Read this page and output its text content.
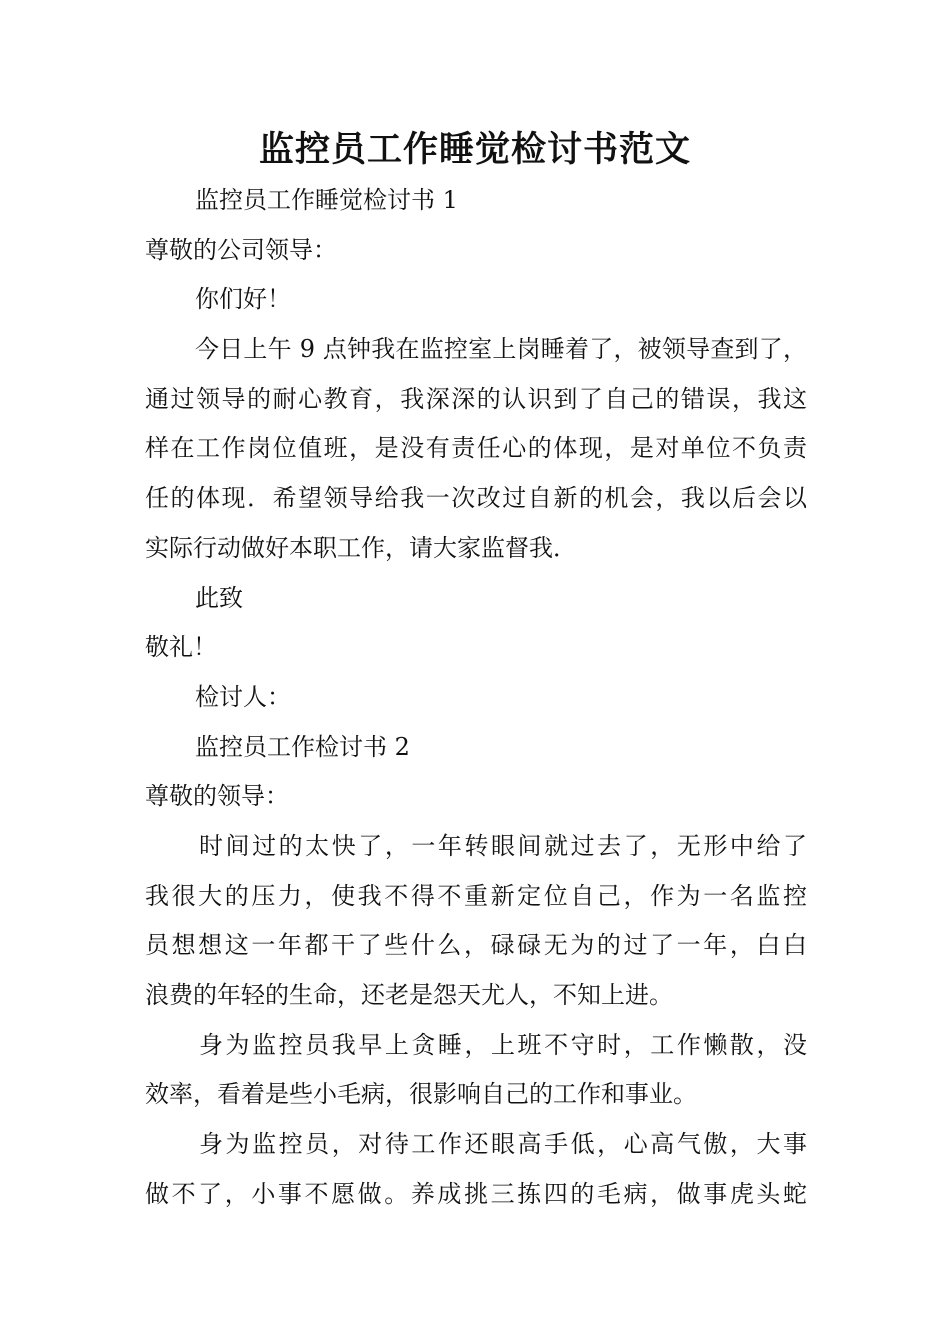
监控员工作睡觉检讨书范文
监控员工作睡觉检讨书 1
尊敬的公司领导：
你们好！
今日上午 9 点钟我在监控室上岗睡着了，被领导查到了，
通过领导的耐心教育，我深深的认识到了自己的错误，我这
样在工作岗位值班，是没有责任心的体现，是对单位不负责
任的体现．希望领导给我一次改过自新的机会，我以后会以
实际行动做好本职工作，请大家监督我．
此致
敬礼！
检讨人：
监控员工作检讨书 2
尊敬的领导：
时间过的太快了，一年转眼间就过去了，无形中给了
我很大的压力，使我不得不重新定位自己，作为一名监控
员想想这一年都干了些什么，碌碌无为的过了一年，白白
浪费的年轻的生命，还老是怨天尤人，不知上进。
身为监控员我早上贪睡，上班不守时，工作懒散，没
效率，看着是些小毛病，很影响自己的工作和事业。
身为监控员，对待工作还眼高手低，心高气傲，大事
做不了，小事不愿做。养成挑三拣四的毛病，做事虎头蛇
